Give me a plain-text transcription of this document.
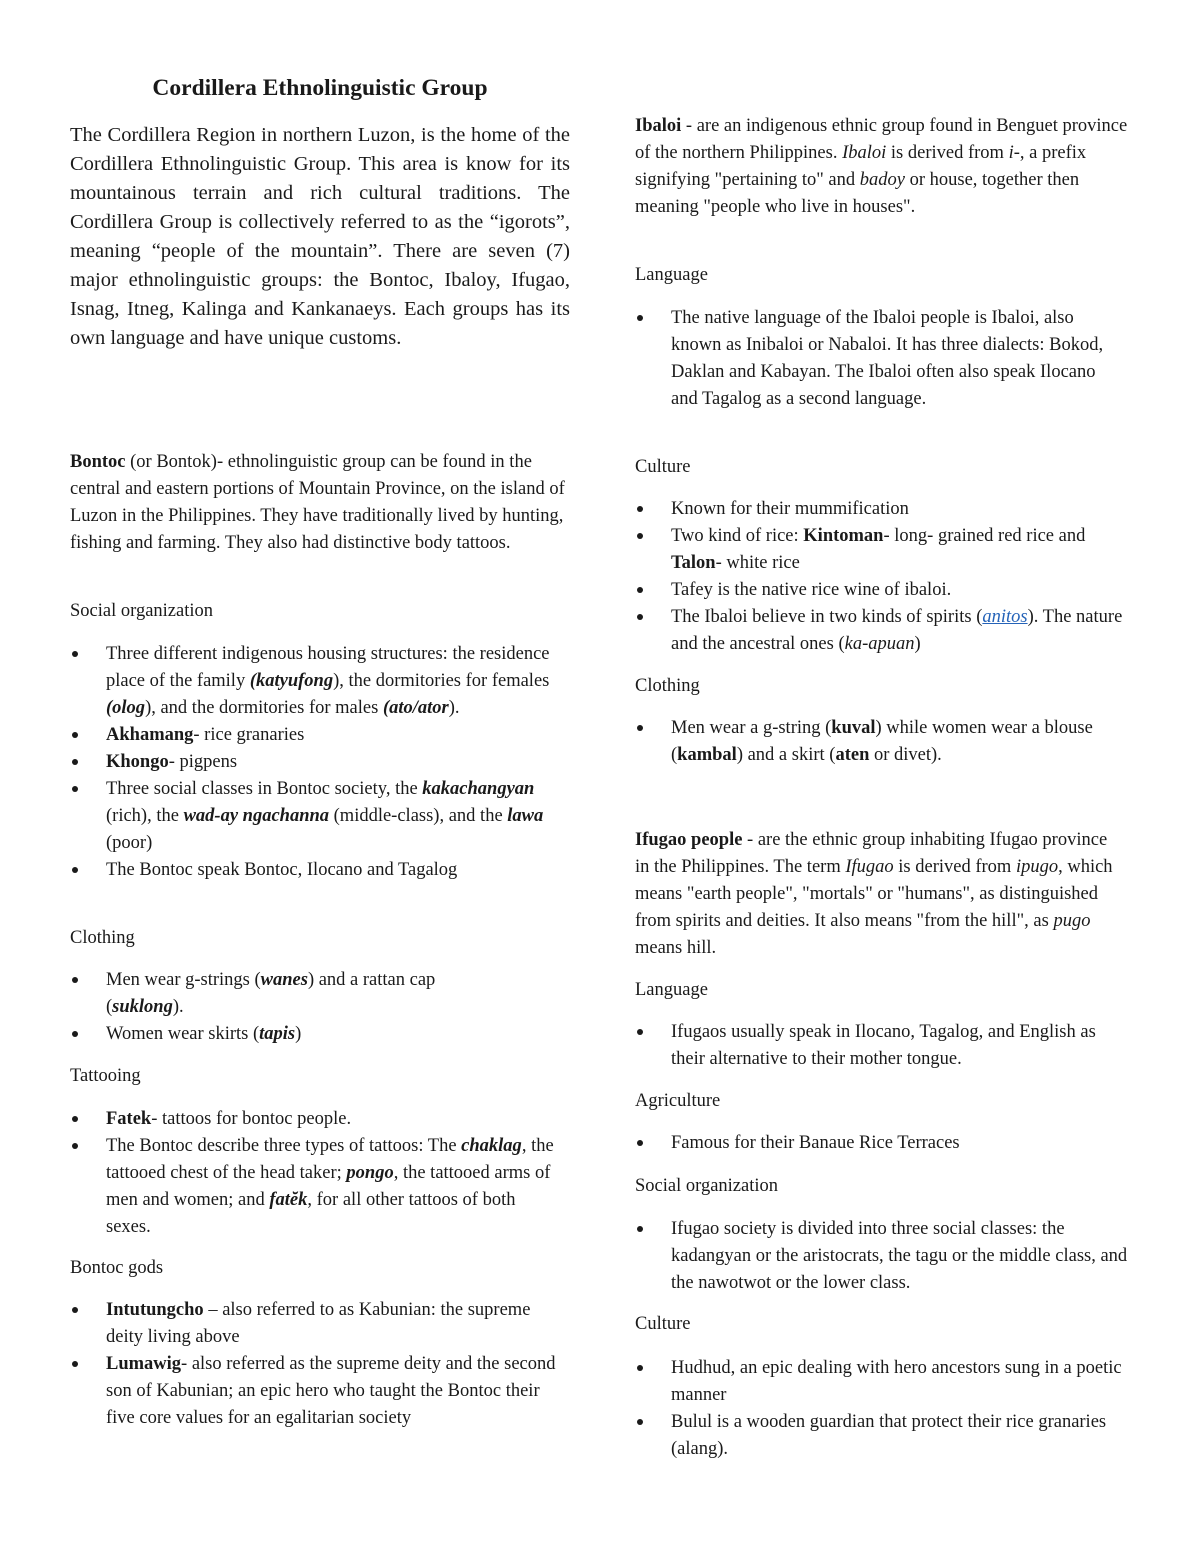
Cordillera Ethnolinguistic Group
The Cordillera Region in northern Luzon, is the home of the Cordillera Ethnolinguistic Group. This area is know for its mountainous terrain and rich cultural traditions. The Cordillera Group is collectively referred to as the “igorots”, meaning “people of the mountain”. There are seven (7) major ethnolinguistic groups: the Bontoc, Ibaloy, Ifugao, Isnag, Itneg, Kalinga and Kankanaeys. Each groups has its own language and have unique customs.
Bontoc (or Bontok)- ethnolinguistic group can be found in the central and eastern portions of Mountain Province, on the island of Luzon in the Philippines. They have traditionally lived by hunting, fishing and farming. They also had distinctive body tattoos.
Social organization
Three different indigenous housing structures: the residence place of the family (katyufong), the dormitories for females (olog), and the dormitories for males (ato/ator).
Akhamang- rice granaries
Khongo- pigpens
Three social classes in Bontoc society, the kakachangyan (rich), the wad-ay ngachanna (middle-class), and the lawa (poor)
The Bontoc speak Bontoc, Ilocano and Tagalog
Clothing
Men wear g-strings (wanes) and a rattan cap (suklong).
Women wear skirts (tapis)
Tattooing
Fatek- tattoos for bontoc people.
The Bontoc describe three types of tattoos: The chaklag, the tattooed chest of the head taker; pongo, the tattooed arms of men and women; and fatĕk, for all other tattoos of both sexes.
Bontoc gods
Intutungcho – also referred to as Kabunian: the supreme deity living above
Lumawig- also referred as the supreme deity and the second son of Kabunian; an epic hero who taught the Bontoc their five core values for an egalitarian society
Ibaloi - are an indigenous ethnic group found in Benguet province of the northern Philippines. Ibaloi is derived from i-, a prefix signifying "pertaining to" and badoy or house, together then meaning "people who live in houses".
Language
The native language of the Ibaloi people is Ibaloi, also known as Inibaloi or Nabaloi. It has three dialects: Bokod, Daklan and Kabayan. The Ibaloi often also speak Ilocano and Tagalog as a second language.
Culture
Known for their mummification
Two kind of rice: Kintoman- long- grained red rice and Talon- white rice
Tafey is the native rice wine of ibaloi.
The Ibaloi believe in two kinds of spirits (anitos). The nature and the ancestral ones (ka-apuan)
Clothing
Men wear a g-string (kuval) while women wear a blouse (kambal) and a skirt (aten or divet).
Ifugao people - are the ethnic group inhabiting Ifugao province in the Philippines. The term Ifugao is derived from ipugo, which means "earth people", "mortals" or "humans", as distinguished from spirits and deities. It also means "from the hill", as pugo means hill.
Language
Ifugaos usually speak in Ilocano, Tagalog, and English as their alternative to their mother tongue.
Agriculture
Famous for their Banaue Rice Terraces
Social organization
Ifugao society is divided into three social classes: the kadangyan or the aristocrats, the tagu or the middle class, and the nawotwot or the lower class.
Culture
Hudhud, an epic dealing with hero ancestors sung in a poetic manner
Bulul is a wooden guardian that protect their rice granaries (alang).
